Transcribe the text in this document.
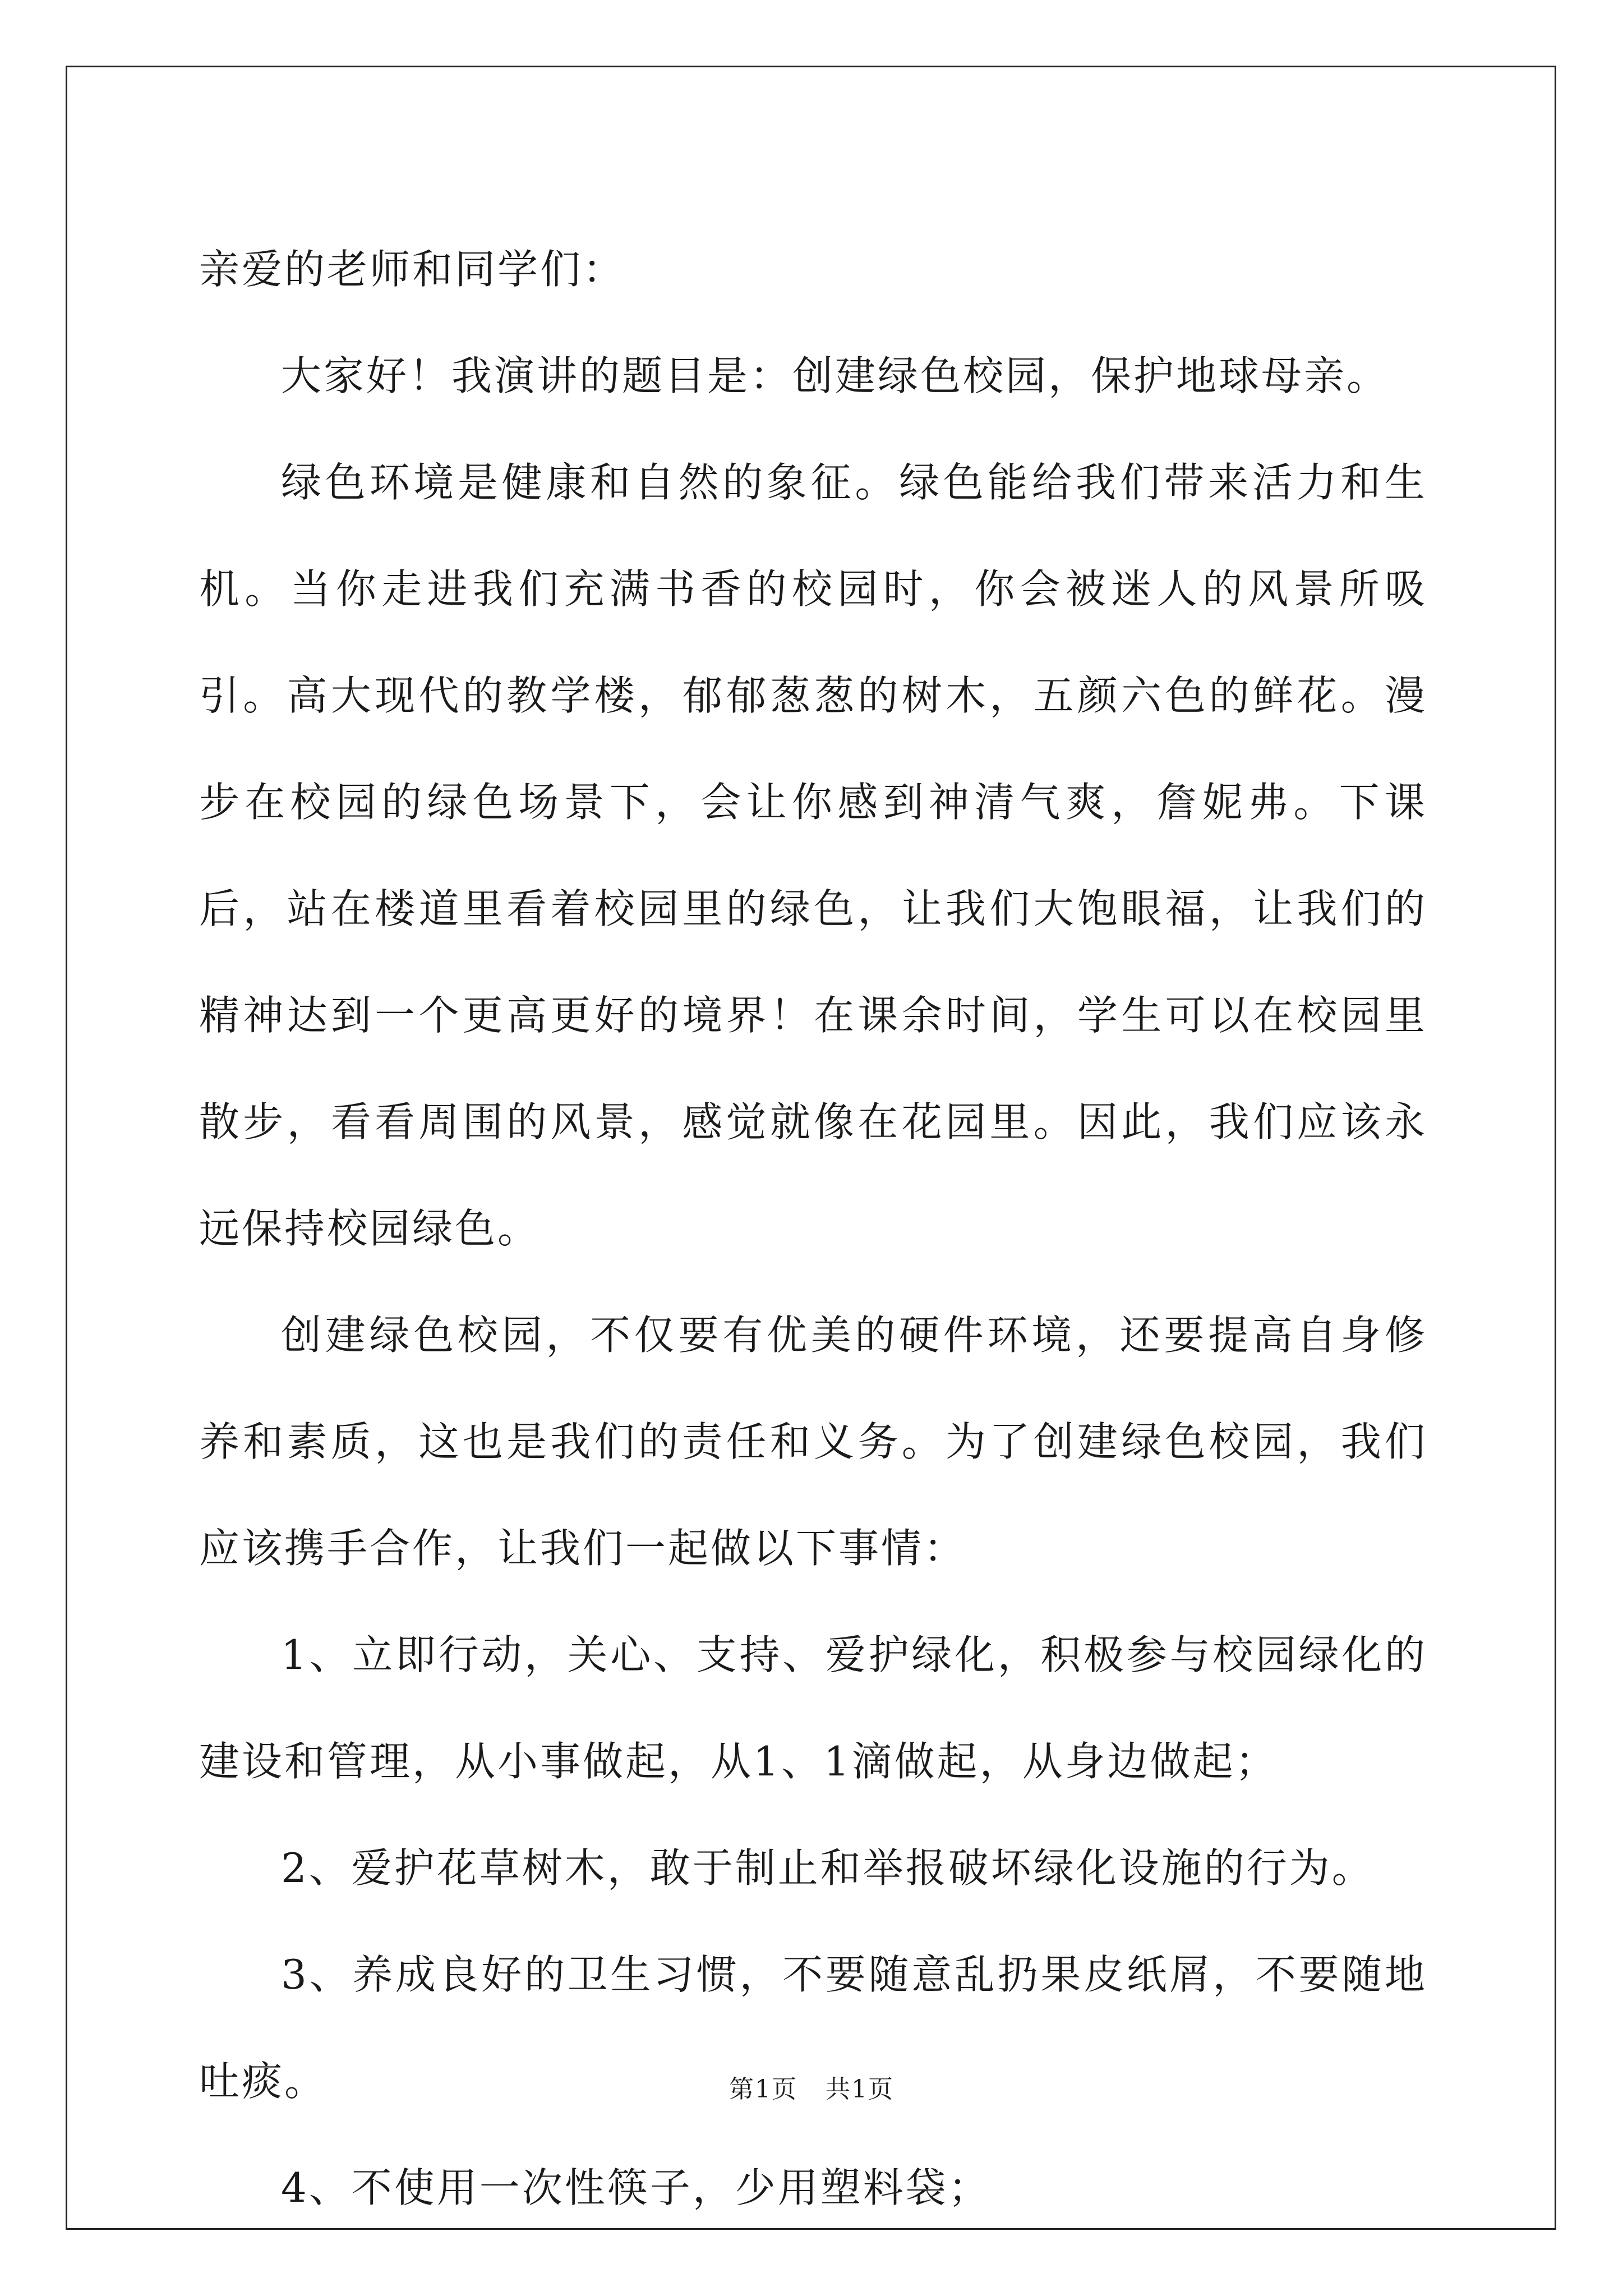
亲爱的老师和同学们：

大家好！我演讲的题目是：创建绿色校园，保护地球母亲。

绿色环境是健康和自然的象征。绿色能给我们带来活力和生机。当你走进我们充满书香的校园时，你会被迷人的风景所吸引。高大现代的教学楼，郁郁葱葱的树木，五颜六色的鲜花。漫步在校园的绿色场景下，会让你感到神清气爽，詹妮弗。下课后，站在楼道里看着校园里的绿色，让我们大饱眼福，让我们的精神达到一个更高更好的境界！在课余时间，学生可以在校园里散步，看看周围的风景，感觉就像在花园里。因此，我们应该永远保持校园绿色。

创建绿色校园，不仅要有优美的硬件环境，还要提高自身修养和素质，这也是我们的责任和义务。为了创建绿色校园，我们应该携手合作，让我们一起做以下事情：

1、立即行动，关心、支持、爱护绿化，积极参与校园绿化的建设和管理，从小事做起，从1、1滴做起，从身边做起；

2、爱护花草树木，敢于制止和举报破坏绿化设施的行为。

3、养成良好的卫生习惯，不要随意乱扔果皮纸屑，不要随地吐痰。

4、不使用一次性筷子，少用塑料袋；

第1页 共1页
